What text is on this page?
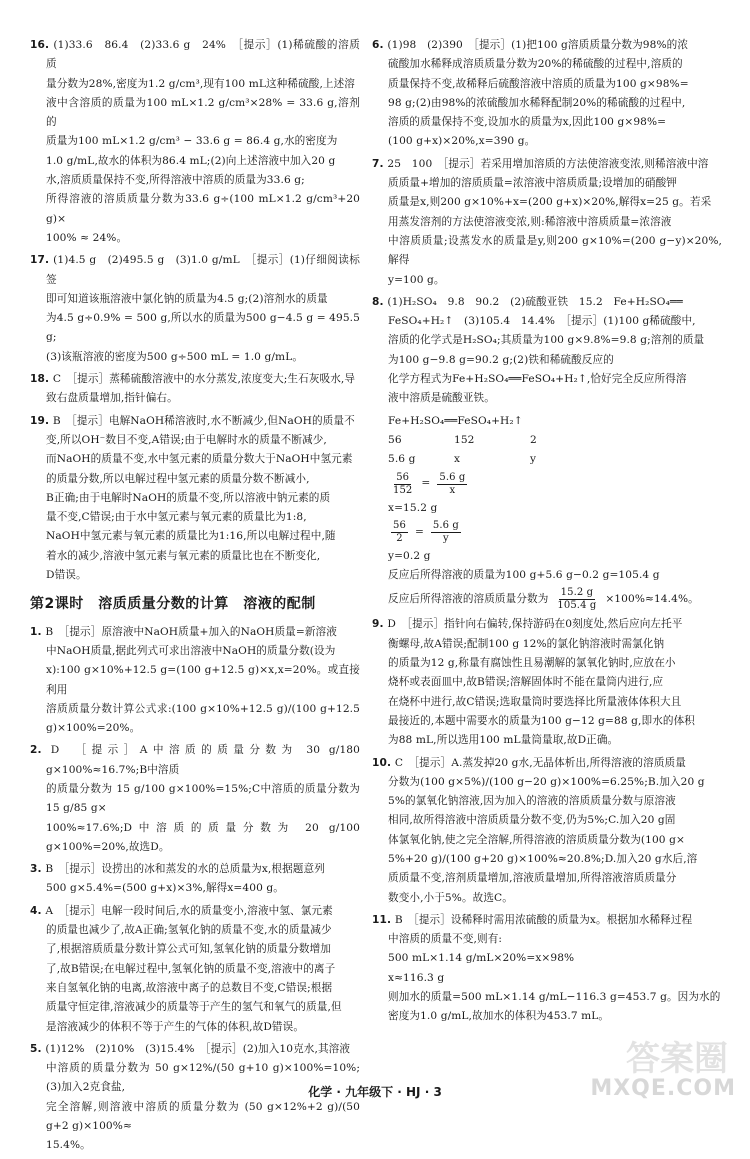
16. (1)33.6　86.4　(2)33.6 g　24%　［提示］(1)稀硫酸的溶质质
量分数为28%,密度为1.2 g/cm³,现有100 mL这种稀硫酸,上述溶
液中含溶质的质量为100 mL×1.2 g/cm³×28% = 33.6 g,溶剂的
质量为100 mL×1.2 g/cm³ − 33.6 g = 86.4 g,水的密度为
1.0 g/mL,故水的体积为86.4 mL;(2)向上述溶液中加入20 g
水,溶质质量保持不变,所得溶液中溶质的质量为33.6 g;
所得溶液的溶质质量分数为33.6 g÷(100 mL×1.2 g/cm³+20 g)×
100% ≈ 24%。
17. (1)4.5 g　(2)495.5 g　(3)1.0 g/mL　［提示］(1)仔细阅读标签
即可知道该瓶溶液中氯化钠的质量为4.5 g;(2)溶剂水的质量
为4.5 g÷0.9% = 500 g,所以水的质量为500 g−4.5 g = 495.5 g;
(3)该瓶溶液的密度为500 g÷500 mL = 1.0 g/mL。
18. C　［提示］蒸稀硫酸溶液中的水分蒸发,浓度变大;生石灰吸水,导
致右盘质量增加,指针偏右。
19. B　［提示］电解NaOH稀溶液时,水不断减少,但NaOH的质量不
变,所以OH⁻数目不变,A错误;由于电解时水的质量不断减少,
而NaOH的质量不变,水中氢元素的质量分数大于NaOH中氢元素
的质量分数,所以电解过程中氢元素的质量分数不断减小,
B正确;由于电解时NaOH的质量不变,所以溶液中钠元素的质
量不变,C错误;由于水中氢元素与氧元素的质量比为1:8,
NaOH中氢元素与氧元素的质量比为1:16,所以电解过程中,随
着水的减少,溶液中氢元素与氧元素的质量比也在不断变化,
D错误。
第2课时　溶质质量分数的计算　溶液的配制
1. B　［提示］原溶液中NaOH质量+加入的NaOH质量=新溶液
中NaOH质量,据此列式可求出溶液中NaOH的质量分数(设为
x):100 g×10%+12.5 g=(100 g+12.5 g)×x,x=20%。或直接利用
溶质质量分数计算公式求:(100 g×10%+12.5 g)/(100 g+12.5 g)×100%=20%。
2. D　［提示］A中溶质的质量分数为 30 g/180 g×100%≈16.7%;B中溶质
的质量分数为 15 g/100 g×100%=15%;C中溶质的质量分数为 15 g/85 g×
100%≈17.6%;D中溶质的质量分数为 20 g/100 g×100%=20%,故选D。
3. B　［提示］设捞出的冰和蒸发的水的总质量为x,根据题意列
500 g×5.4%=(500 g+x)×3%,解得x=400 g。
4. A　［提示］电解一段时间后,水的质量变小,溶液中氢、氯元素
的质量也减少了,故A正确;氢氧化钠的质量不变,水的质量减少
了,根据溶质质量分数计算公式可知,氢氧化钠的质量分数增加
了,故B错误;在电解过程中,氢氧化钠的质量不变,溶液中的离子
来自氢氧化钠的电离,故溶液中离子的总数目不变,C错误;根据
质量守恒定律,溶液减少的质量等于产生的氢气和氧气的质量,但
是溶液减少的体积不等于产生的气体的体积,故D错误。
5. (1)12%　(2)10%　(3)15.4%　［提示］(2)加入10克水,其溶液
中溶质的质量分数为 50 g×12%/(50 g+10 g)×100%=10%;(3)加入2克食盐,
完全溶解,则溶液中溶质的质量分数为 (50 g×12%+2 g)/(50 g+2 g)×100%≈
15.4%。
6. (1)98　(2)390　［提示］(1)把100 g溶质质量分数为98%的浓
硫酸加水稀释成溶质质量分数为20%的稀硫酸的过程中,溶质的
质量保持不变,故稀释后硫酸溶液中溶质的质量为100 g×98%=
98 g;(2)由98%的浓硫酸加水稀释配制20%的稀硫酸的过程中,
溶质的质量保持不变,设加水的质量为x,因此100 g×98%=
(100 g+x)×20%,x=390 g。
7. 25　100　［提示］若采用增加溶质的方法使溶液变浓,则稀溶液中溶
质质量+增加的溶质质量=浓溶液中溶质质量;设增加的硝酸钾
质量是x,则200 g×10%+x=(200 g+x)×20%,解得x=25 g。若采
用蒸发溶剂的方法使溶液变浓,则:稀溶液中溶质质量=浓溶液
中溶质质量;设蒸发水的质量是y,则200 g×10%=(200 g−y)×20%,解得
y=100 g。
8. (1)H₂SO₄　9.8　90.2　(2)硫酸亚铁　15.2　Fe+H₂SO₄══
FeSO₄+H₂↑　(3)105.4　14.4%　［提示］(1)100 g稀硫酸中,
溶质的化学式是H₂SO₄;其质量为100 g×9.8%=9.8 g;溶剂的质量
为100 g−9.8 g=90.2 g;(2)铁和稀硫酸反应的
化学方程式为Fe+H₂SO₄══FeSO₄+H₂↑,恰好完全反应所得溶
液中溶质是硫酸亚铁。
Fe+H₂SO₄══FeSO₄+H₂↑
56	152	2
5.6 g	x	y
$\frac{56}{152} = \frac{5.6 g}{x}$
x=15.2 g
$\frac{56}{2} = \frac{5.6 g}{y}$
y=0.2 g
反应后所得溶液的质量为100 g+5.6 g−0.2 g=105.4 g
反应后所得溶液的溶质质量分数为 $\frac{15.2 g}{105.4 g} \times 100\%\approx 14.4\%$。
9. D　［提示］指针向右偏转,保持游码在0刻度处,然后应向左托平
衡螺母,故A错误;配制100 g 12%的氯化钠溶液时需氯化钠
的质量为12 g,称量有腐蚀性且易潮解的氯氧化钠时,应放在小
烧杯或表面皿中,故B错误;溶解固体时不能在量筒内进行,应
在烧杯中进行,故C错误;选取量筒时要选择比所量液体体积大且
最接近的,本题中需要水的质量为100 g−12 g=88 g,即水的体积
为88 mL,所以选用100 mL量筒量取,故D正确。
10. C　［提示］A.蒸发掉20 g水,无晶体析出,所得溶液的溶质质量
分数为(100 g×5%)/(100 g−20 g)×100%=6.25%;B.加入20 g
5%的氯氧化钠溶液,因为加入的溶液的溶质质量分数与原溶液
相同,故所得溶液中溶质质量分数不变,仍为5%;C.加入20 g固
体氯氧化钠,使之完全溶解,所得溶液的溶质质量分数为(100 g×
5%+20 g)/(100 g+20 g)×100%≈20.8%;D.加入20 g水后,溶
质质量不变,溶剂质量增加,溶液质量增加,所得溶液溶质质量分
数变小,小于5%。故选C。
11. B　［提示］设稀释时需用浓硫酸的质量为x。根据加水稀释过程
中溶质的质量不变,则有:
500 mL×1.14 g/mL×20%=x×98%
x≈116.3 g
则加水的质量=500 mL×1.14 g/mL−116.3 g=453.7 g。因为水的
密度为1.0 g/mL,故加水的体积为453.7 mL。
化学 · 九年级下 · HJ · 3
答案圈
MXQE.COM
